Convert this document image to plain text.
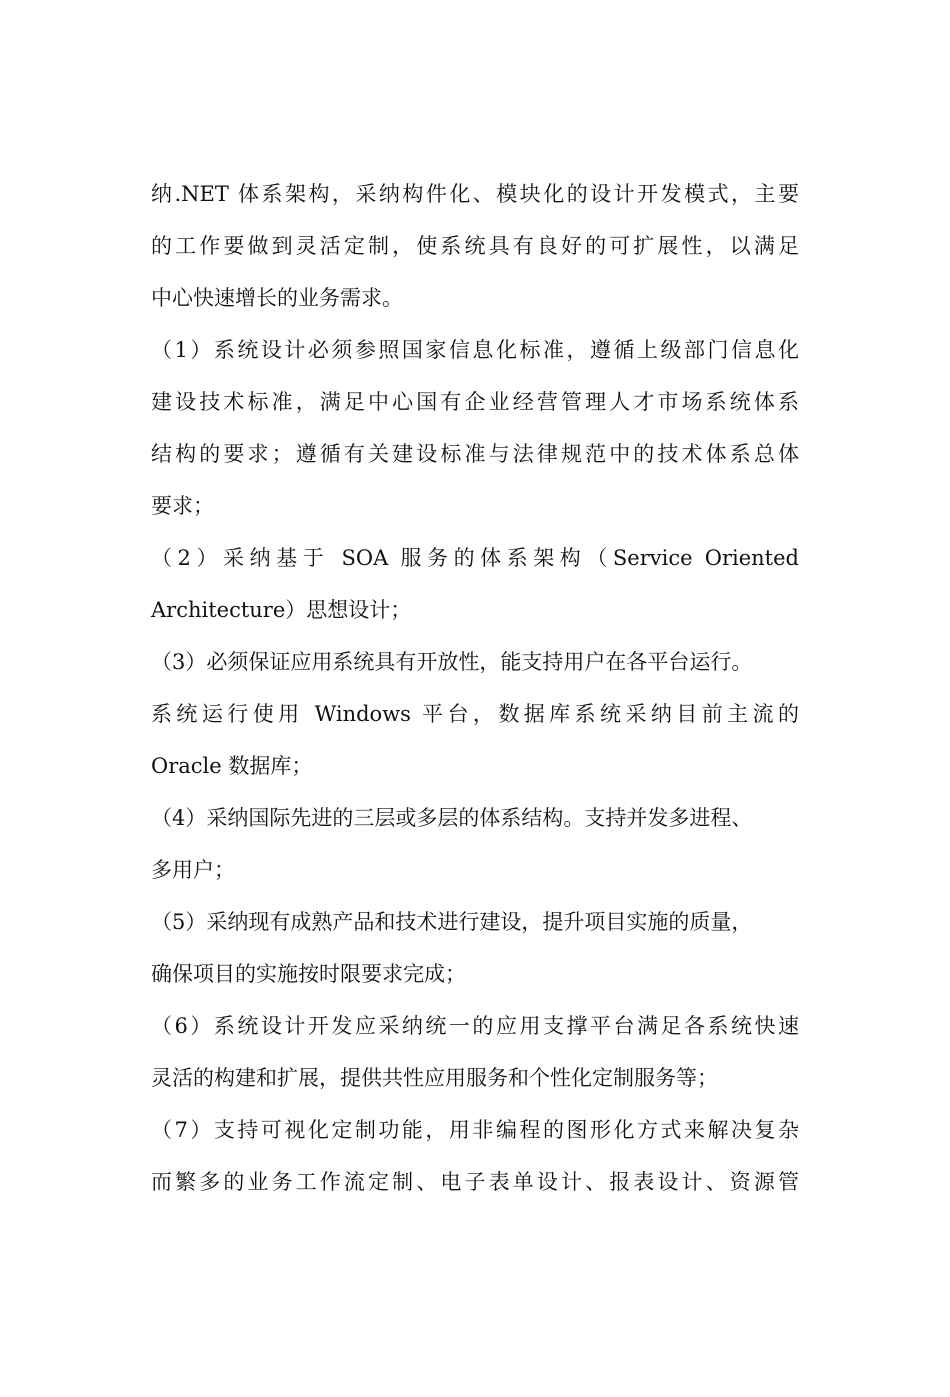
纳.NET 体系架构，采纳构件化、模块化的设计开发模式，主要
的工作要做到灵活定制，使系统具有良好的可扩展性，以满足
中心快速增长的业务需求。
（1）系统设计必须参照国家信息化标准，遵循上级部门信息化
建设技术标准，满足中心国有企业经营管理人才市场系统体系
结构的要求；遵循有关建设标准与法律规范中的技术体系总体
要求；
（2）采纳基于 SOA 服务的体系架构（Service Oriented
Architecture）思想设计；
（3）必须保证应用系统具有开放性，能支持用户在各平台运行。
系统运行使用 Windows 平台，数据库系统采纳目前主流的
Oracle 数据库；
（4）采纳国际先进的三层或多层的体系结构。支持并发多进程、
多用户；
（5）采纳现有成熟产品和技术进行建设，提升项目实施的质量，
确保项目的实施按时限要求完成；
（6）系统设计开发应采纳统一的应用支撑平台满足各系统快速
灵活的构建和扩展，提供共性应用服务和个性化定制服务等；
（7）支持可视化定制功能，用非编程的图形化方式来解决复杂
而繁多的业务工作流定制、电子表单设计、报表设计、资源管
